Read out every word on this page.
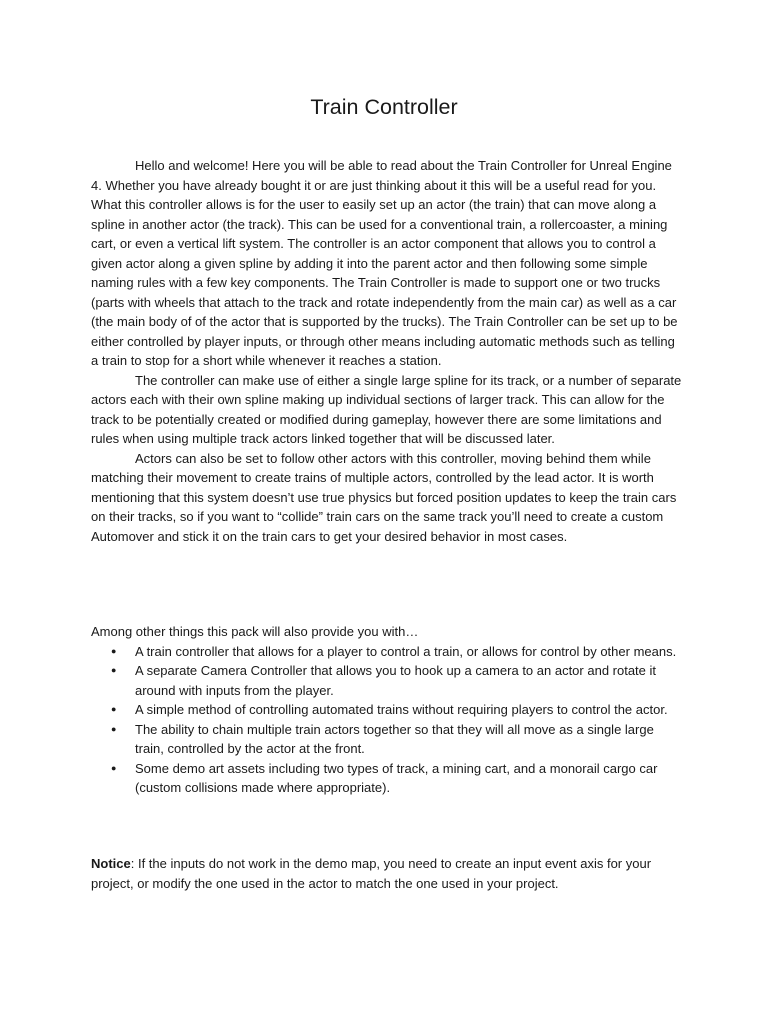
Train Controller

Hello and welcome! Here you will be able to read about the Train Controller for Unreal Engine 4. Whether you have already bought it or are just thinking about it this will be a useful read for you. What this controller allows is for the user to easily set up an actor (the train) that can move along a spline in another actor (the track). This can be used for a conventional train, a rollercoaster, a mining cart, or even a vertical lift system. The controller is an actor component that allows you to control a given actor along a given spline by adding it into the parent actor and then following some simple naming rules with a few key components. The Train Controller is made to support one or two trucks (parts with wheels that attach to the track and rotate independently from the main car) as well as a car (the main body of of the actor that is supported by the trucks). The Train Controller can be set up to be either controlled by player inputs, or through other means including automatic methods such as telling a train to stop for a short while whenever it reaches a station.

The controller can make use of either a single large spline for its track, or a number of separate actors each with their own spline making up individual sections of larger track. This can allow for the track to be potentially created or modified during gameplay, however there are some limitations and rules when using multiple track actors linked together that will be discussed later.

Actors can also be set to follow other actors with this controller, moving behind them while matching their movement to create trains of multiple actors, controlled by the lead actor. It is worth mentioning that this system doesn’t use true physics but forced position updates to keep the train cars on their tracks, so if you want to “collide” train cars on the same track you’ll need to create a custom Automover and stick it on the train cars to get your desired behavior in most cases.

Among other things this pack will also provide you with…

● A train controller that allows for a player to control a train, or allows for control by other means.
● A separate Camera Controller that allows you to hook up a camera to an actor and rotate it around with inputs from the player.
● A simple method of controlling automated trains without requiring players to control the actor.
● The ability to chain multiple train actors together so that they will all move as a single large train, controlled by the actor at the front.
● Some demo art assets including two types of track, a mining cart, and a monorail cargo car (custom collisions made where appropriate).

Notice: If the inputs do not work in the demo map, you need to create an input event axis for your project, or modify the one used in the actor to match the one used in your project.
